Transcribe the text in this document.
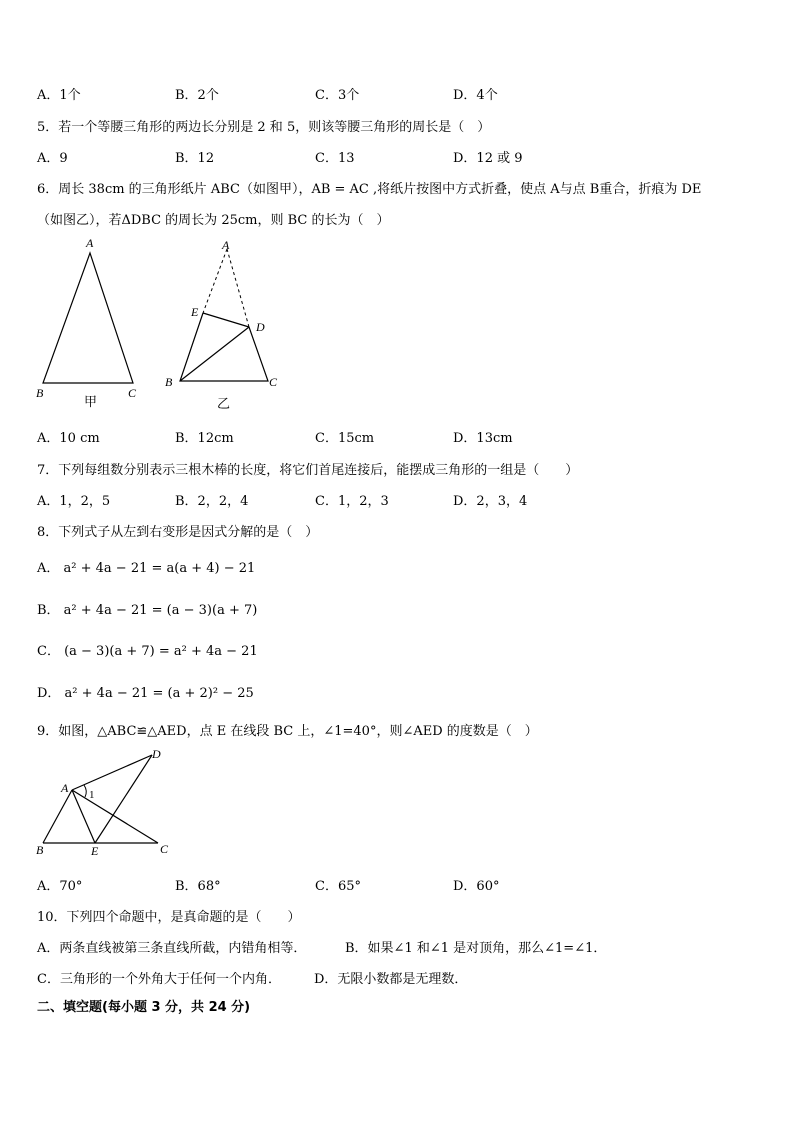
A．1个	B．2个	C．3个	D．4个
5．若一个等腰三角形的两边长分别是 2 和 5，则该等腰三角形的周长是（　）
A．9	B．12	C．13	D．12 或 9
6．周长 38cm 的三角形纸片 ABC（如图甲），AB = AC ,将纸片按图中方式折叠，使点 A与点 B重合，折痕为 DE
（如图乙），若ΔDBC 的周长为 25cm，则 BC 的长为（　）
A
B	C
甲
A
E
D
B	C
乙
A．10 cm	B．12cm	C．15cm	D．13cm
7．下列每组数分别表示三根木棒的长度，将它们首尾连接后，能摆成三角形的一组是（　　）
A．1，2，5	B．2，2，4	C．1，2，3	D．2，3，4
8．下列式子从左到右变形是因式分解的是（　）
A． a² + 4a − 21 = a(a + 4) − 21
B． a² + 4a − 21 = (a − 3)(a + 7)
C． (a − 3)(a + 7) = a² + 4a − 21
D． a² + 4a − 21 = (a + 2)² − 25
9．如图，△ABC≌△AED，点 E 在线段 BC 上，∠1=40°，则∠AED 的度数是（　）
A 1
D
B	E	C
A．70°	B．68°	C．65°	D．60°
10．下列四个命题中，是真命题的是（　　）
A．两条直线被第三条直线所截，内错角相等．	B．如果∠1 和∠1 是对顶角，那么∠1=∠1．
C．三角形的一个外角大于任何一个内角．	D．无限小数都是无理数．
二、填空题(每小题 3 分，共 24 分)
